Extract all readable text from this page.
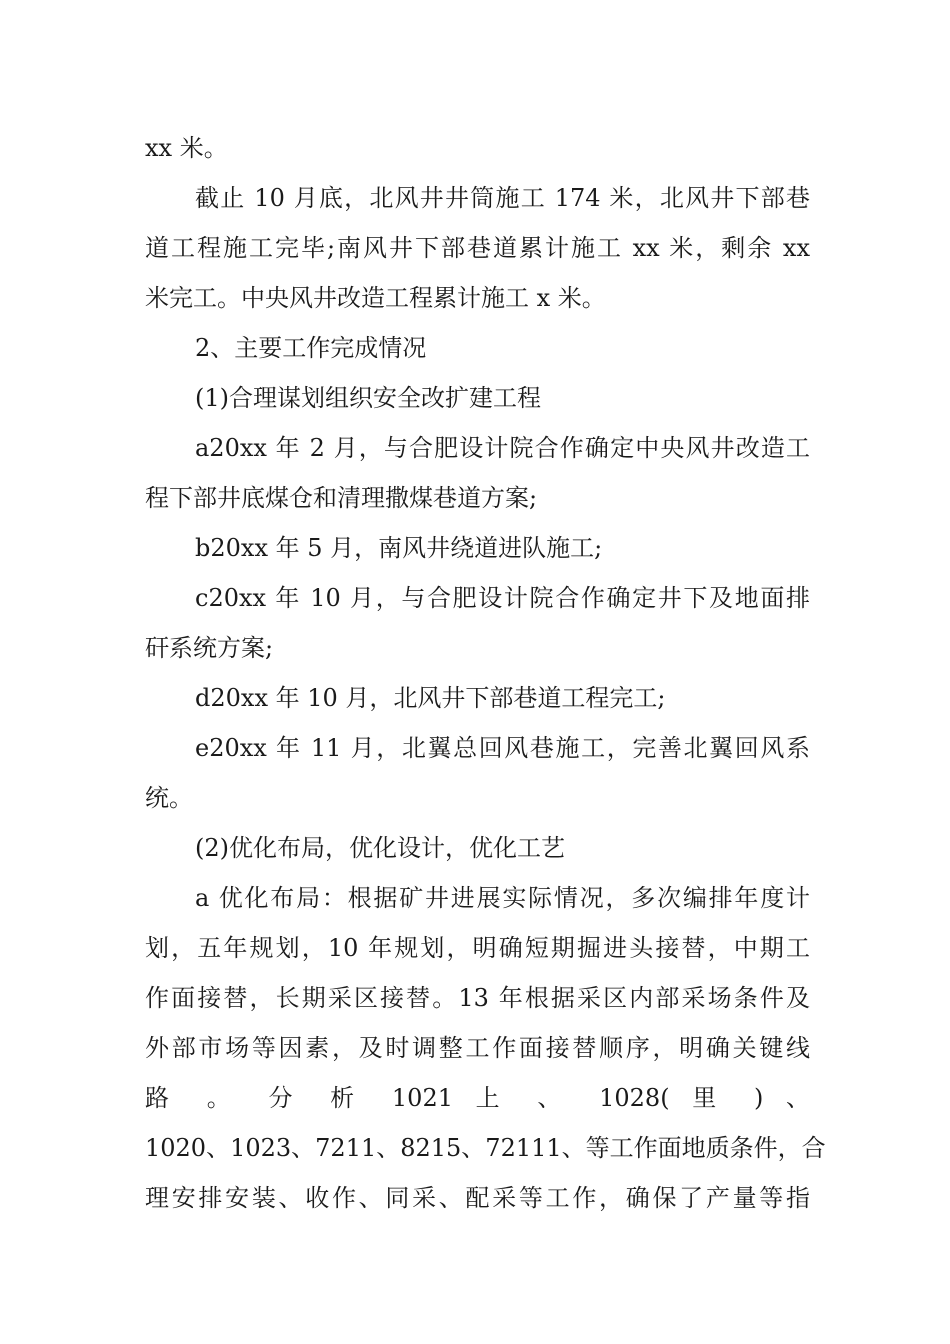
xx 米。
截止 10 月底，北风井井筒施工 174 米，北风井下部巷
道工程施工完毕;南风井下部巷道累计施工 xx 米，剩余 xx
米完工。中央风井改造工程累计施工 x 米。
2、主要工作完成情况
(1)合理谋划组织安全改扩建工程
a20xx 年 2 月，与合肥设计院合作确定中央风井改造工
程下部井底煤仓和清理撒煤巷道方案;
b20xx 年 5 月，南风井绕道进队施工;
c20xx 年 10 月，与合肥设计院合作确定井下及地面排
矸系统方案;
d20xx 年 10 月，北风井下部巷道工程完工;
e20xx 年 11 月，北翼总回风巷施工，完善北翼回风系
统。
(2)优化布局，优化设计，优化工艺
a 优化布局：根据矿井进展实际情况，多次编排年度计
划，五年规划，10 年规划，明确短期掘进头接替，中期工
作面接替，长期采区接替。13 年根据采区内部采场条件及
外部市场等因素，及时调整工作面接替顺序，明确关键线
路 。 分 析 1021 上 、 1028( 里 ) 、
1020、1023、7211、8215、72111、等工作面地质条件，合
理安排安装、收作、同采、配采等工作，确保了产量等指
